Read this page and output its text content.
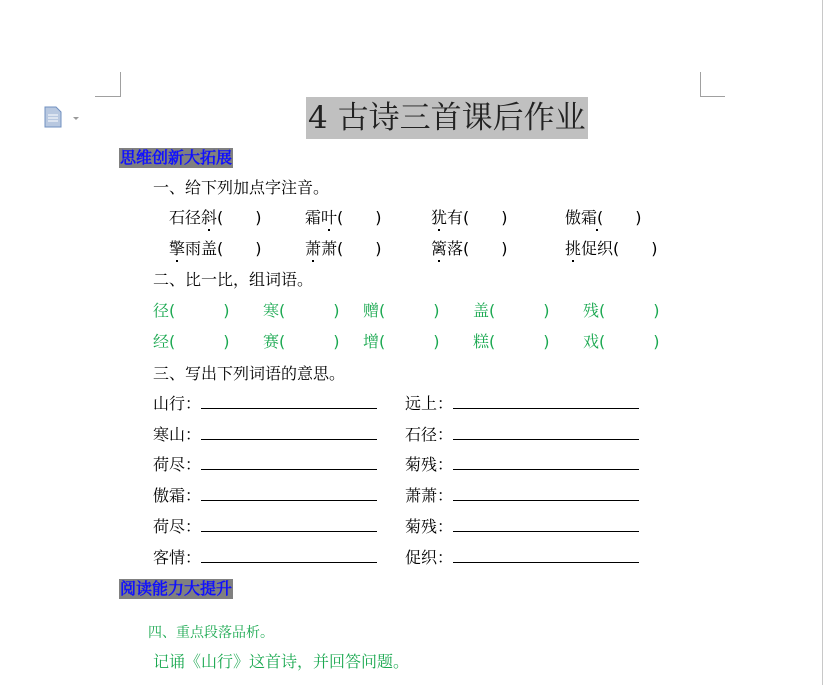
4 古诗三首课后作业
思维创新大拓展
一、给下列加点字注音。
二、比一比，组词语。
三、写出下列词语的意思。
阅读能力大提升
四、重点段落品析。
记诵《山行》这首诗，并回答问题。
石径斜(　　)	霜叶(　　)	犹有(　　)	傲霜(　　)
擎雨盖(　　)	萧萧(　　)	篱落(　　)	挑促织(　　)
径(　　　) 寒(　　　) 赠(　　　) 盖(　　　) 残(　　　)
经(　　　) 赛(　　　) 增(　　　) 糕(　　　) 戏(　　　)
山行：	远上：
寒山：	石径：
荷尽：	菊残：
傲霜：	萧萧：
荷尽：	菊残：
客情：	促织：
